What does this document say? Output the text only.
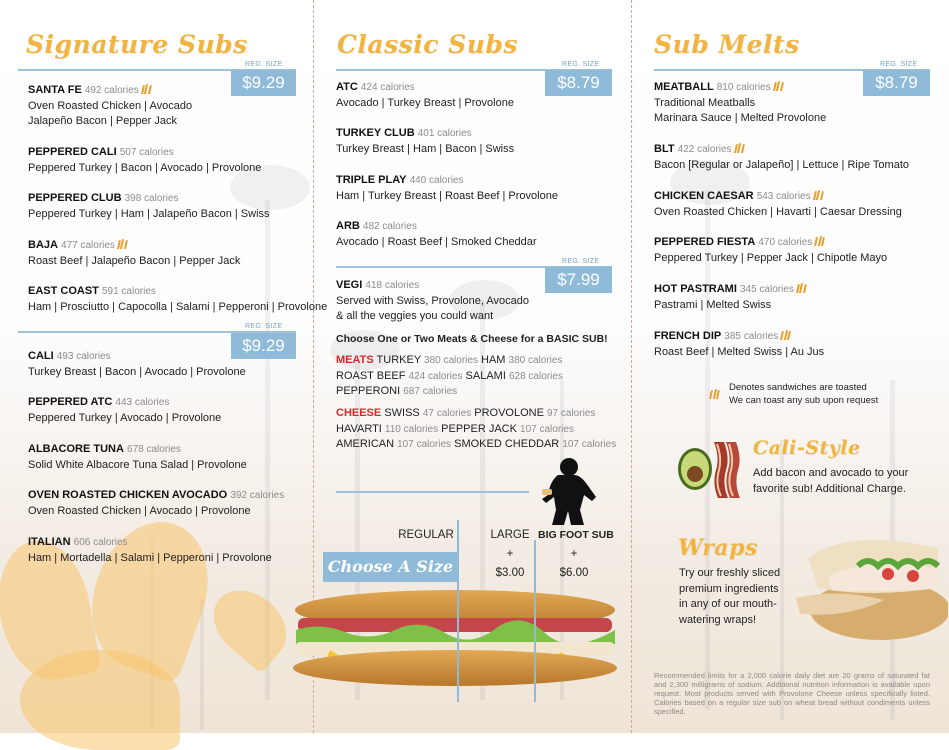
Signature Subs
REG. SIZE
$9.29
SANTA FE 492 calories
Oven Roasted Chicken | Avocado
Jalapeño Bacon | Pepper Jack
PEPPERED CALI 507 calories
Peppered Turkey | Bacon | Avocado | Provolone
PEPPERED CLUB 398 calories
Peppered Turkey | Ham | Jalapeño Bacon | Swiss
BAJA 477 calories
Roast Beef | Jalapeño Bacon | Pepper Jack
EAST COAST 591 calories
Ham | Prosciutto | Capocolla | Salami | Pepperoni | Provolone
REG. SIZE
$9.29
CALI 493 calories
Turkey Breast | Bacon | Avocado | Provolone
PEPPERED ATC 443 calories
Peppered Turkey | Avocado | Provolone
ALBACORE TUNA 678 calories
Solid White Albacore Tuna Salad | Provolone
OVEN ROASTED CHICKEN AVOCADO 392 calories
Oven Roasted Chicken | Avocado | Provolone
ITALIAN 606 calories
Ham | Mortadella | Salami | Pepperoni | Provolone
Classic Subs
REG. SIZE
$8.79
ATC 424 calories
Avocado | Turkey Breast | Provolone
TURKEY CLUB 401 calories
Turkey Breast | Ham | Bacon | Swiss
TRIPLE PLAY 440 calories
Ham | Turkey Breast | Roast Beef | Provolone
ARB 482 calories
Avocado | Roast Beef | Smoked Cheddar
REG. SIZE
$7.99
VEGI 418 calories
Served with Swiss, Provolone, Avocado
& all the veggies you could want
Choose One or Two Meats & Cheese for a BASIC SUB!
MEATS TURKEY 380 calories HAM 380 calories
ROAST BEEF 424 calories SALAMI 628 calories
PEPPERONI 687 calories
CHEESE SWISS 47 calories PROVOLONE 97 calories
HAVARTI 110 calories PEPPER JACK 107 calories
AMERICAN 107 calories SMOKED CHEDDAR 107 calories
Choose A Size
REGULAR	LARGE
+
$3.00
BIG FOOT SUB
+
$6.00
Sub Melts
REG. SIZE
$8.79
MEATBALL 810 calories
Traditional Meatballs
Marinara Sauce | Melted Provolone
BLT 422 calories
Bacon [Regular or Jalapeño] | Lettuce | Ripe Tomato
CHICKEN CAESAR 543 calories
Oven Roasted Chicken | Havarti | Caesar Dressing
PEPPERED FIESTA 470 calories
Peppered Turkey | Pepper Jack | Chipotle Mayo
HOT PASTRAMI 345 calories
Pastrami | Melted Swiss
FRENCH DIP 385 calories
Roast Beef | Melted Swiss | Au Jus
Denotes sandwiches are toasted
We can toast any sub upon request
Cali-Style
Add bacon and avocado to your
favorite sub! Additional Charge.
Wraps
Try our freshly sliced
premium ingredients
in any of our mouth-
watering wraps!
Recommended limits for a 2,000 calorie daily diet are 20 grams of saturated fat and 2,300 milligrams of sodium. Additional nutrition information is available upon request. Most products served with Provolone Cheese unless specifically listed. Calories based on a regular size sub on wheat bread without condiments unless specified.
